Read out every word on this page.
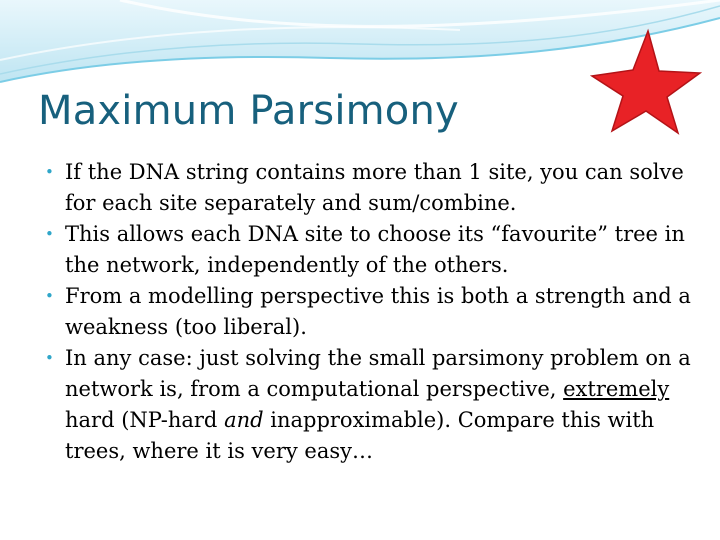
Maximum Parsimony
• If the DNA string contains more than 1 site, you can solve for each site separately and sum/combine.
• This allows each DNA site to choose its “favourite” tree in the network, independently of the others.
• From a modelling perspective this is both a strength and a weakness (too liberal).
• In any case: just solving the small parsimony problem on a network is, from a computational perspective, extremely hard (NP-hard and inapproximable). Compare this with trees, where it is very easy…
